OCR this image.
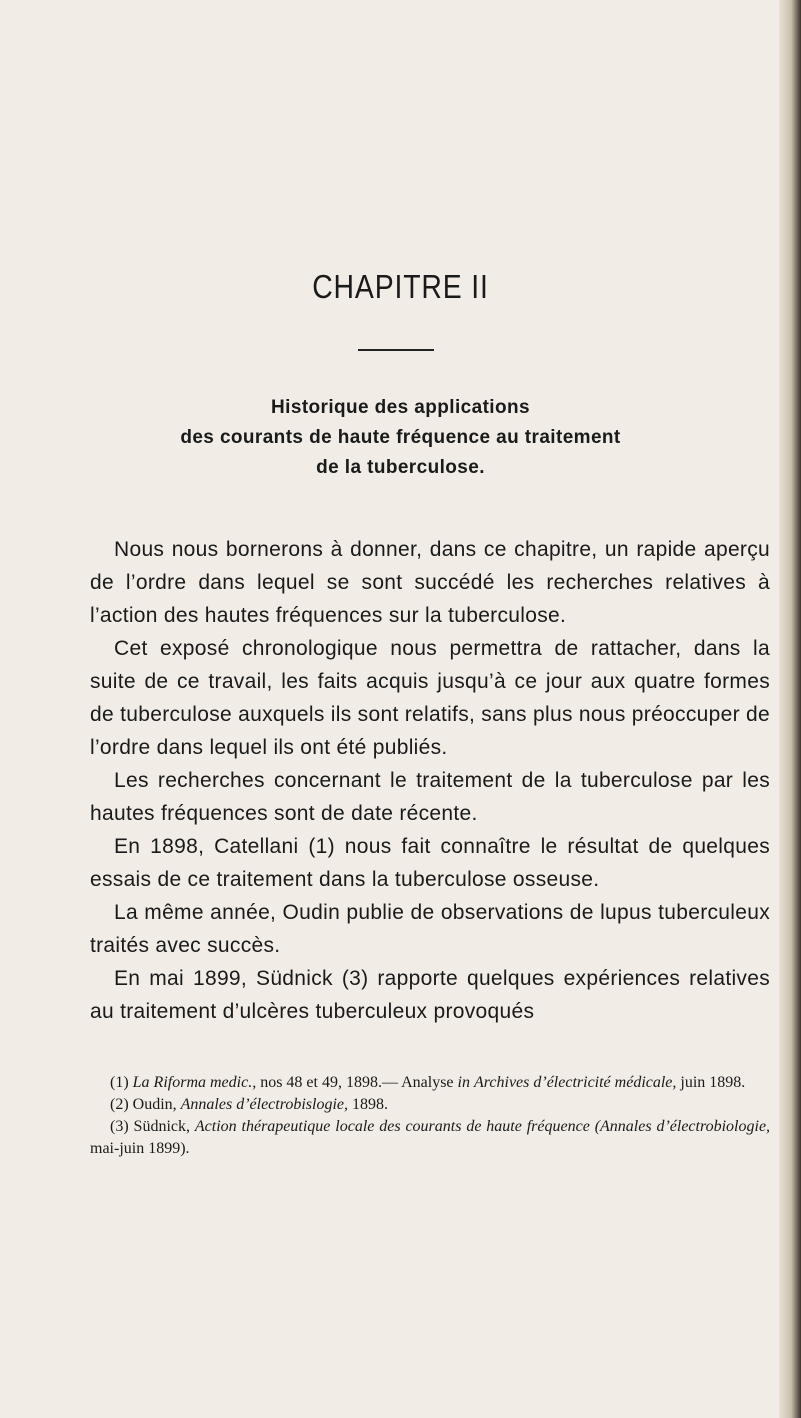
CHAPITRE II
Historique des applications
des courants de haute fréquence au traitement
de la tuberculose.

Nous nous bornerons à donner, dans ce chapitre, un rapide aperçu de l’ordre dans lequel se sont succédé les recherches relatives à l’action des hautes fréquences sur la tuberculose.

Cet exposé chronologique nous permettra de rattacher, dans la suite de ce travail, les faits acquis jusqu’à ce jour aux quatre formes de tuberculose auxquels ils sont relatifs, sans plus nous préoccuper de l’ordre dans lequel ils ont été publiés.

Les recherches concernant le traitement de la tuberculose par les hautes fréquences sont de date récente.

En 1898, Catellani (1) nous fait connaître le résultat de quelques essais de ce traitement dans la tuberculose osseuse.

La même année, Oudin publie de observations de lupus tuberculeux traités avec succès.

En mai 1899, Südnick (3) rapporte quelques expériences relatives au traitement d’ulcères tuberculeux provoqués

(1) La Riforma medic., nos 48 et 49, 1898.— Analyse in Archives d’électricité médicale, juin 1898.

(2) Oudin, Annales d’électrobislogie, 1898.

(3) Südnick, Action thérapeutique locale des courants de haute fréquence (Annales d’électrobiologie, mai-juin 1899).
